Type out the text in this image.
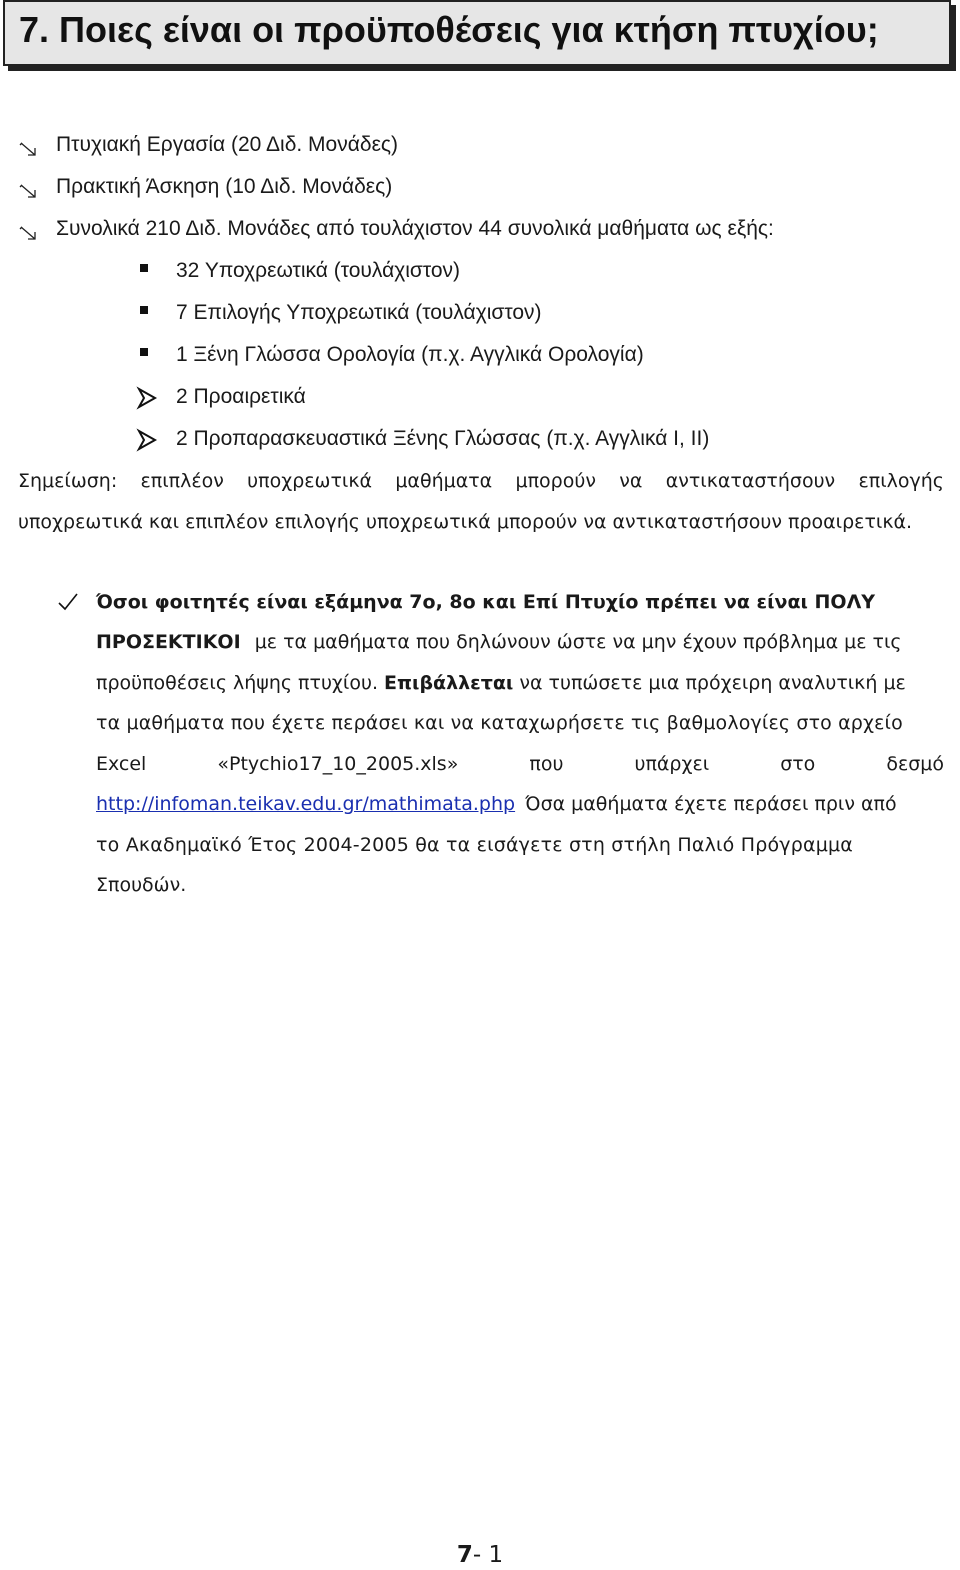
7. Ποιες είναι οι προϋποθέσεις για κτήση πτυχίου;
Πτυχιακή Εργασία (20 Διδ. Μονάδες)
Πρακτική Άσκηση (10 Διδ. Μονάδες)
Συνολικά 210 Διδ. Μονάδες από τουλάχιστον 44 συνολικά μαθήματα ως εξής:
32 Υποχρεωτικά (τουλάχιστον)
7 Επιλογής Υποχρεωτικά (τουλάχιστον)
1 Ξένη Γλώσσα Ορολογία (π.χ. Αγγλικά Ορολογία)
2 Προαιρετικά
2 Προπαρασκευαστικά Ξένης Γλώσσας (π.χ. Αγγλικά I, II)
Σημείωση: επιπλέον υποχρεωτικά μαθήματα μπορούν να αντικαταστήσουν επιλογής
υποχρεωτικά και επιπλέον επιλογής υποχρεωτικά μπορούν να αντικαταστήσουν προαιρετικά.
Όσοι φοιτητές είναι εξάμηνα 7ο, 8ο και Επί Πτυχίο πρέπει να είναι ΠΟΛΥ
ΠΡΟΣΕΚΤΙΚΟΙ με τα μαθήματα που δηλώνουν ώστε να μην έχουν πρόβλημα με τις
προϋποθέσεις λήψης πτυχίου. Επιβάλλεται να τυπώσετε μια πρόχειρη αναλυτική με
τα μαθήματα που έχετε περάσει και να καταχωρήσετε τις βαθμολογίες στο αρχείο
Excel	«Ptychio17_10_2005.xls»	που	υπάρχει	στο	δεσμό
http://infoman.teikav.edu.gr/mathimata.php Όσα μαθήματα έχετε περάσει πριν από
το Ακαδημαϊκό Έτος 2004-2005 θα τα εισάγετε στη στήλη Παλιό Πρόγραμμα
Σπουδών.
7- 1
